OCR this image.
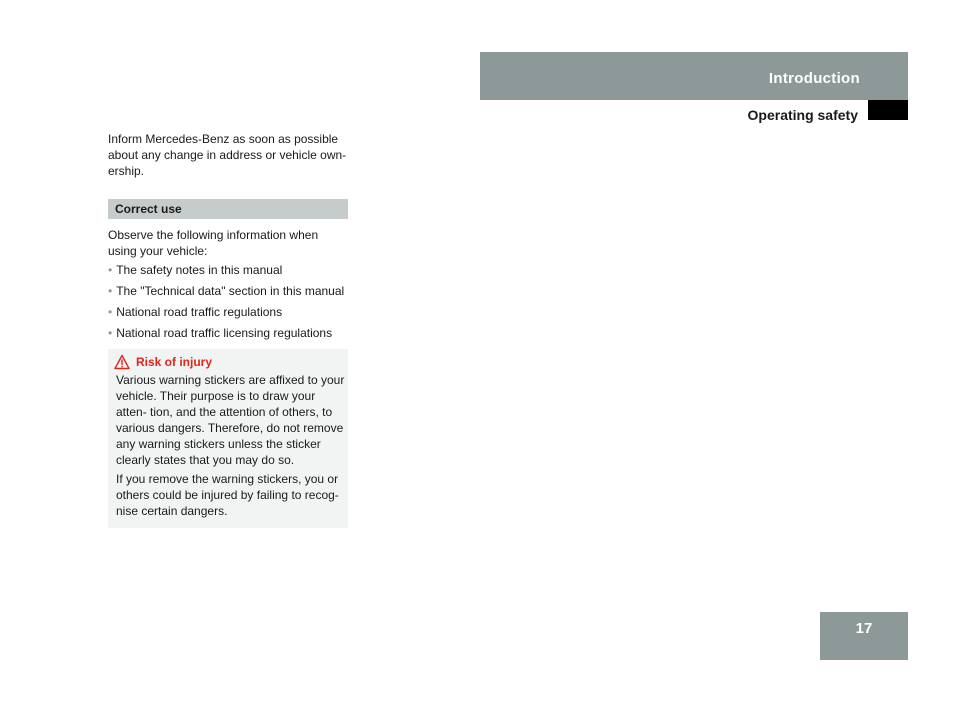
Introduction
Operating safety

Inform Mercedes-Benz as soon as possible about any change in address or vehicle own- ership.

Correct use

Observe the following information when using your vehicle:

• The safety notes in this manual
• The "Technical data" section in this manual
• National road traffic regulations
• National road traffic licensing regulations
Risk of injury

Various warning stickers are affixed to your vehicle. Their purpose is to draw your atten- tion, and the attention of others, to various dangers. Therefore, do not remove any warning stickers unless the sticker clearly states that you may do so.

If you remove the warning stickers, you or others could be injured by failing to recog- nise certain dangers.

17
